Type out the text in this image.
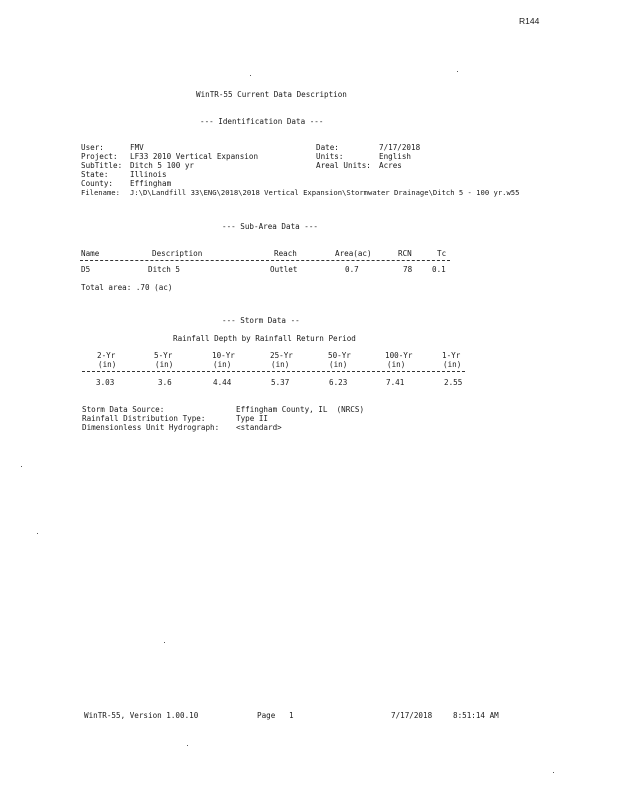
R144
WinTR-55 Current Data Description
--- Identification Data ---
User:	FMV
Project: LF33 2010 Vertical Expansion
SubTitle: Ditch 5 100 yr
State:	Illinois
County: Effingham
Filename: J:\D\Landfill 33\ENG\2018\2018 Vertical Expansion\Stormwater Drainage\Ditch 5 - 100 yr.w55
Date:	7/17/2018
Units:	English
Areal Units: Acres
--- Sub-Area Data ---
Name	Description	Reach	Area(ac)	RCN	Tc
D5	Ditch 5	Outlet	0.7	78	0.1
Total area: .70 (ac)
--- Storm Data --
Rainfall Depth by Rainfall Return Period
2-Yr	5-Yr	10-Yr	25-Yr	50-Yr	100-Yr	1-Yr
(in)	(in)	(in)	(in)	(in)	(in)	(in)
3.03	3.6	4.44	5.37	6.23	7.41	2.55
Storm Data Source:	Effingham County, IL  (NRCS)
Rainfall Distribution Type:	Type II
Dimensionless Unit Hydrograph: <standard>
WinTR-55, Version 1.00.10	Page   1	7/17/2018	8:51:14 AM
